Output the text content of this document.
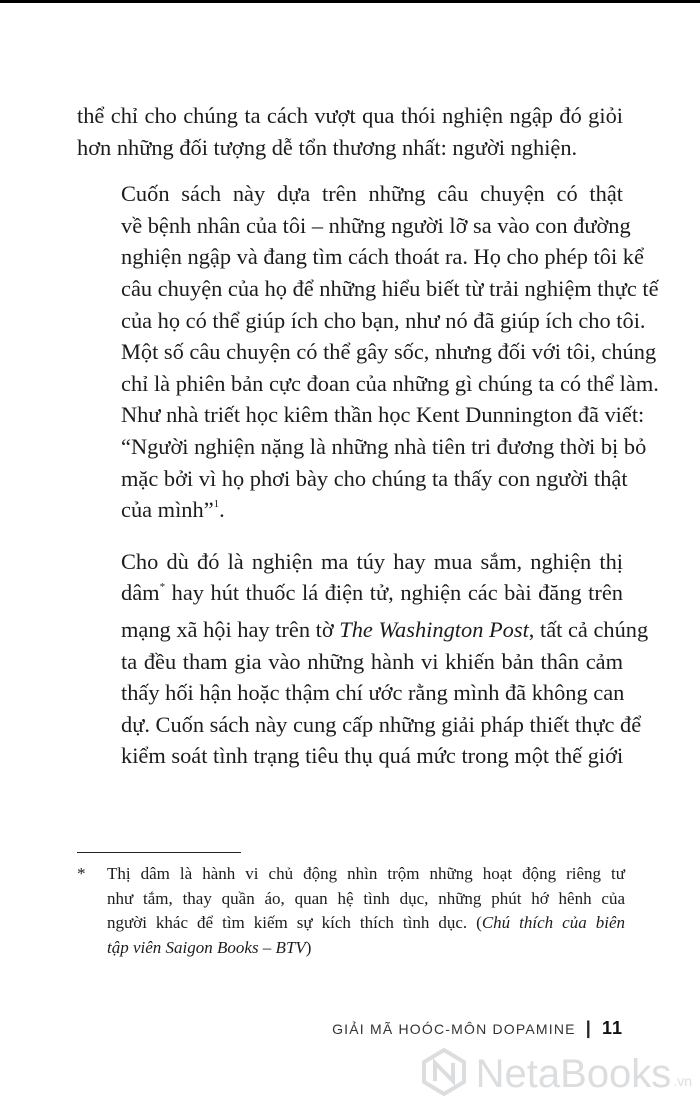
thể chỉ cho chúng ta cách vượt qua thói nghiện ngập đó giỏi
hơn những đối tượng dễ tổn thương nhất: người nghiện.

Cuốn sách này dựa trên những câu chuyện có thật
về bệnh nhân của tôi – những người lỡ sa vào con đường
nghiện ngập và đang tìm cách thoát ra. Họ cho phép tôi kể
câu chuyện của họ để những hiểu biết từ trải nghiệm thực tế
của họ có thể giúp ích cho bạn, như nó đã giúp ích cho tôi.
Một số câu chuyện có thể gây sốc, nhưng đối với tôi, chúng
chỉ là phiên bản cực đoan của những gì chúng ta có thể làm.
Như nhà triết học kiêm thần học Kent Dunnington đã viết:
“Người nghiện nặng là những nhà tiên tri đương thời bị bỏ
mặc bởi vì họ phơi bày cho chúng ta thấy con người thật
của mình”$^1$.

Cho dù đó là nghiện ma túy hay mua sắm, nghiện thị
dâm* hay hút thuốc lá điện tử, nghiện các bài đăng trên
mạng xã hội hay trên tờ The Washington Post, tất cả chúng
ta đều tham gia vào những hành vi khiến bản thân cảm
thấy hối hận hoặc thậm chí ước rằng mình đã không can
dự. Cuốn sách này cung cấp những giải pháp thiết thực để
kiểm soát tình trạng tiêu thụ quá mức trong một thế giới

* Thị dâm là hành vi chủ động nhìn trộm những hoạt động riêng tư
như tắm, thay quần áo, quan hệ tình dục, những phút hớ hênh của
người khác để tìm kiếm sự kích thích tình dục. (Chú thích của biên
tập viên Saigon Books – BTV)
GIẢI MÃ HOÓC-MÔN DOPAMINE | 11
NetaBooks .vn
